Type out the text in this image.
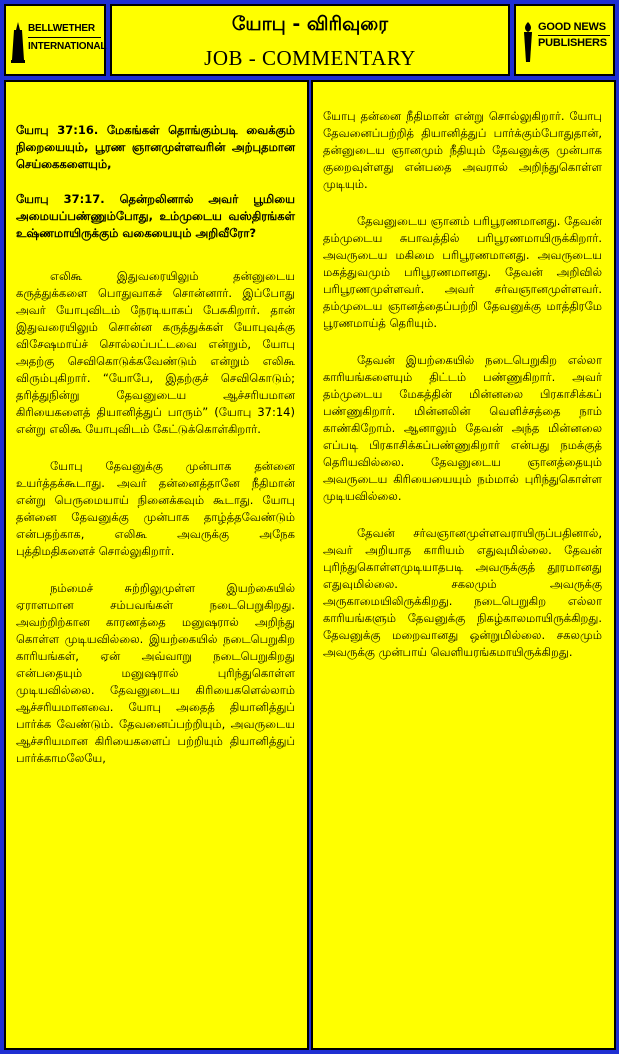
BELLWETHER
INTERNATIONAL
யோபு - விரிவுரை
JOB - COMMENTARY
GOOD NEWS
PUBLISHERS

யோபு 37:16. மேகங்கள் தொங்கும்படி வைக்கும் நிறையையும், பூரண ஞானமுள்ளவரின் அற்புதமான செய்கைகளையும்,

யோபு 37:17. தென்றலினால் அவர் பூமியை அமையப்பண்ணும்போது, உம்முடைய வஸ்திரங்கள் உஷ்ணமாயிருக்கும் வகையையும் அறிவீரோ?

எலிகூ இதுவரையிலும் தன்னுடைய கருத்துக்களை பொதுவாகச் சொன்னார். இப்போது அவர் யோபுவிடம் நேரடியாகப் பேசுகிறார். தான் இதுவரையிலும் சொன்ன கருத்துக்கள் யோபுவுக்கு விசேஷமாய்ச் சொல்லப்பட்டவை என்றும், யோபு அதற்கு செவிகொடுக்கவேண்டும் என்றும் எலிகூ விரும்புகிறார். “யோபே, இதற்குச் செவிகொடும்; தரித்துநின்று தேவனுடைய ஆச்சரியமான கிரியைகளைத் தியானித்துப் பாரும்” (யோபு 37:14) என்று எலிகூ யோபுவிடம் கேட்டுக்கொள்கிறார்.

யோபு தேவனுக்கு முன்பாக தன்னை உயர்த்தக்கூடாது. அவர் தன்னைத்தானே நீதிமான் என்று பெருமையாய் நினைக்கவும் கூடாது. யோபு தன்னை தேவனுக்கு முன்பாக தாழ்த்தவேண்டும் என்பதற்காக, எலிகூ அவருக்கு அநேக புத்திமதிகளைச் சொல்லுகிறார்.

நம்மைச் சுற்றிலுமுள்ள இயற்கையில் ஏராளமான சம்பவங்கள் நடைபெறுகிறது. அவற்றிற்கான காரணத்தை மனுஷரால் அறிந்து கொள்ள முடியவில்லை. இயற்கையில் நடைபெறுகிற காரியங்கள், ஏன் அவ்வாறு நடைபெறுகிறது என்பதையும் மனுஷரால் புரிந்துகொள்ள முடியவில்லை. தேவனுடைய கிரியைகளெல்லாம் ஆச்சரியமானவை. யோபு அதைத் தியானித்துப் பார்க்க வேண்டும். தேவனைப்பற்றியும், அவருடைய ஆச்சரியமான கிரியைகளைப் பற்றியும் தியானித்துப் பார்க்காமலேயே,

யோபு தன்னை நீதிமான் என்று சொல்லுகிறார். யோபு தேவனைப்பற்றித் தியானித்துப் பார்க்கும்போதுதான், தன்னுடைய ஞானமும் நீதியும் தேவனுக்கு முன்பாக குறைவுள்ளது என்பதை அவரால் அறிந்துகொள்ள முடியும்.

தேவனுடைய ஞானம் பரிபூரணமானது. தேவன் தம்முடைய சுபாவத்தில் பரிபூரணமாயிருக்கிறார். அவருடைய மகிமை பரிபூரணமானது. அவருடைய மகத்துவமும் பரிபூரணமானது. தேவன் அறிவில் பரிபூரணமுள்ளவர். அவர் சர்வஞானமுள்ளவர். தம்முடைய ஞானத்தைப்பற்றி தேவனுக்கு மாத்திரமே பூரணமாய்த் தெரியும்.

தேவன் இயற்கையில் நடைபெறுகிற எல்லா காரியங்களையும் திட்டம் பண்ணுகிறார். அவர் தம்முடைய மேகத்தின் மின்னலை பிரகாசிக்கப் பண்ணுகிறார். மின்னலின் வெளிச்சத்தை நாம் காண்கிறோம். ஆனாலும் தேவன் அந்த மின்னலை எப்படி பிரகாசிக்கப்பண்ணுகிறார் என்பது நமக்குத் தெரியவில்லை. தேவனுடைய ஞானத்தையும் அவருடைய கிரியையையும் நம்மால் புரிந்துகொள்ள முடியவில்லை.

தேவன் சர்வஞானமுள்ளவராயிருப்பதினால், அவர் அறியாத காரியம் எதுவுமில்லை. தேவன் புரிந்துகொள்ளமுடியாதபடி அவருக்குத் தூரமானது எதுவுமில்லை. சகலமும் அவருக்கு அருகாமையிலிருக்கிறது. நடைபெறுகிற எல்லா காரியங்களும் தேவனுக்கு நிகழ்காலமாயிருக்கிறது. தேவனுக்கு மறைவானது ஒன்றுமில்லை. சகலமும் அவருக்கு முன்பாய் வெளியரங்கமாயிருக்கிறது.
